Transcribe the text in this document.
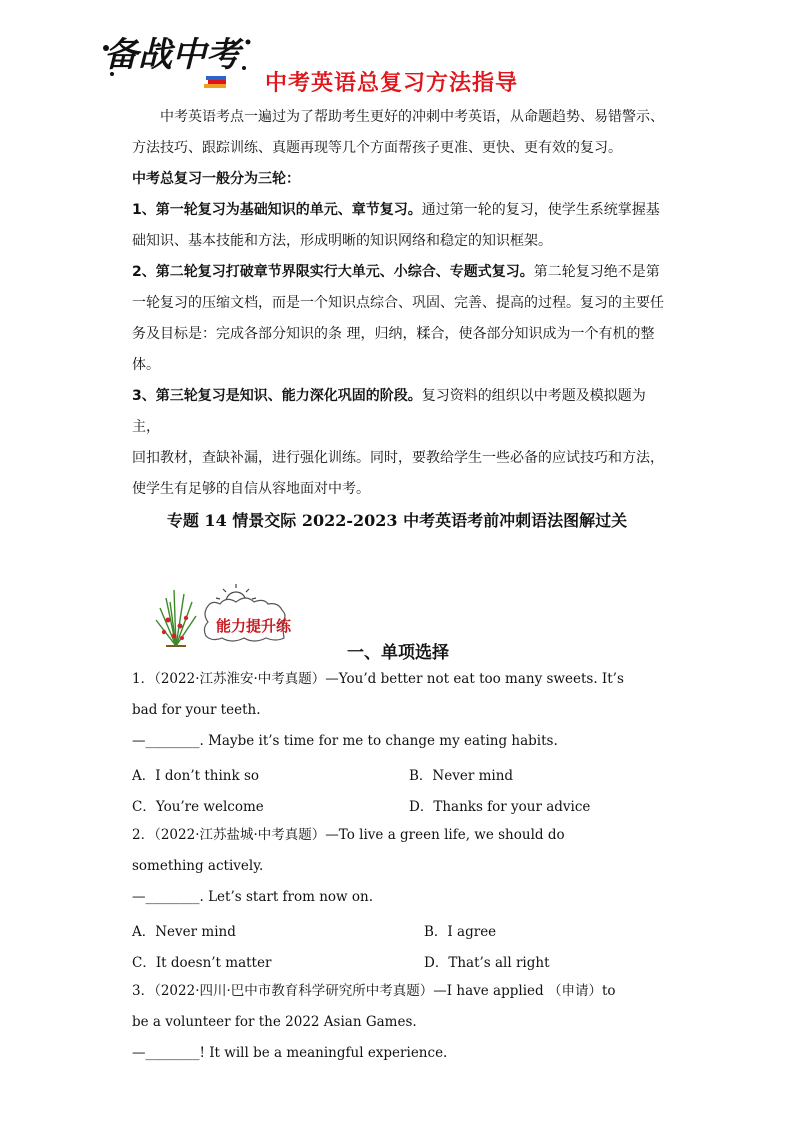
备战中考
中考英语总复习方法指导
中考英语考点一遍过为了帮助考生更好的冲刺中考英语，从命题趋势、易错警示、
方法技巧、跟踪训练、真题再现等几个方面帮孩子更准、更快、更有效的复习。
中考总复习一般分为三轮：
1、第一轮复习为基础知识的单元、章节复习。通过第一轮的复习，使学生系统掌握基
础知识、基本技能和方法，形成明晰的知识网络和稳定的知识框架。
2、第二轮复习打破章节界限实行大单元、小综合、专题式复习。第二轮复习绝不是第
一轮复习的压缩文档，而是一个知识点综合、巩固、完善、提高的过程。复习的主要任
务及目标是：完成各部分知识的条 理，归纳，糅合，使各部分知识成为一个有机的整
体。
3、第三轮复习是知识、能力深化巩固的阶段。复习资料的组织以中考题及模拟题为主，
回扣教材，查缺补漏，进行强化训练。同时，要教给学生一些必备的应试技巧和方法，
使学生有足够的自信从容地面对中考。
专题 14 情景交际 2022-2023 中考英语考前冲刺语法图解过关
能力提升练
一、单项选择
1．（2022·江苏淮安·中考真题）—You’d better not eat too many sweets. It’s
bad for your teeth.
—________. Maybe it’s time for me to change my eating habits.
A．I don’t think so	B．Never mind
C．You’re welcome	D．Thanks for your advice
2．（2022·江苏盐城·中考真题）—To live a green life, we should do
something actively.
—________. Let’s start from now on.
A．Never mind	B．I agree
C．It doesn’t matter	D．That’s all right
3．（2022·四川·巴中市教育科学研究所中考真题）—I have applied （申请）to
be a volunteer for the 2022 Asian Games.
—________! It will be a meaningful experience.
